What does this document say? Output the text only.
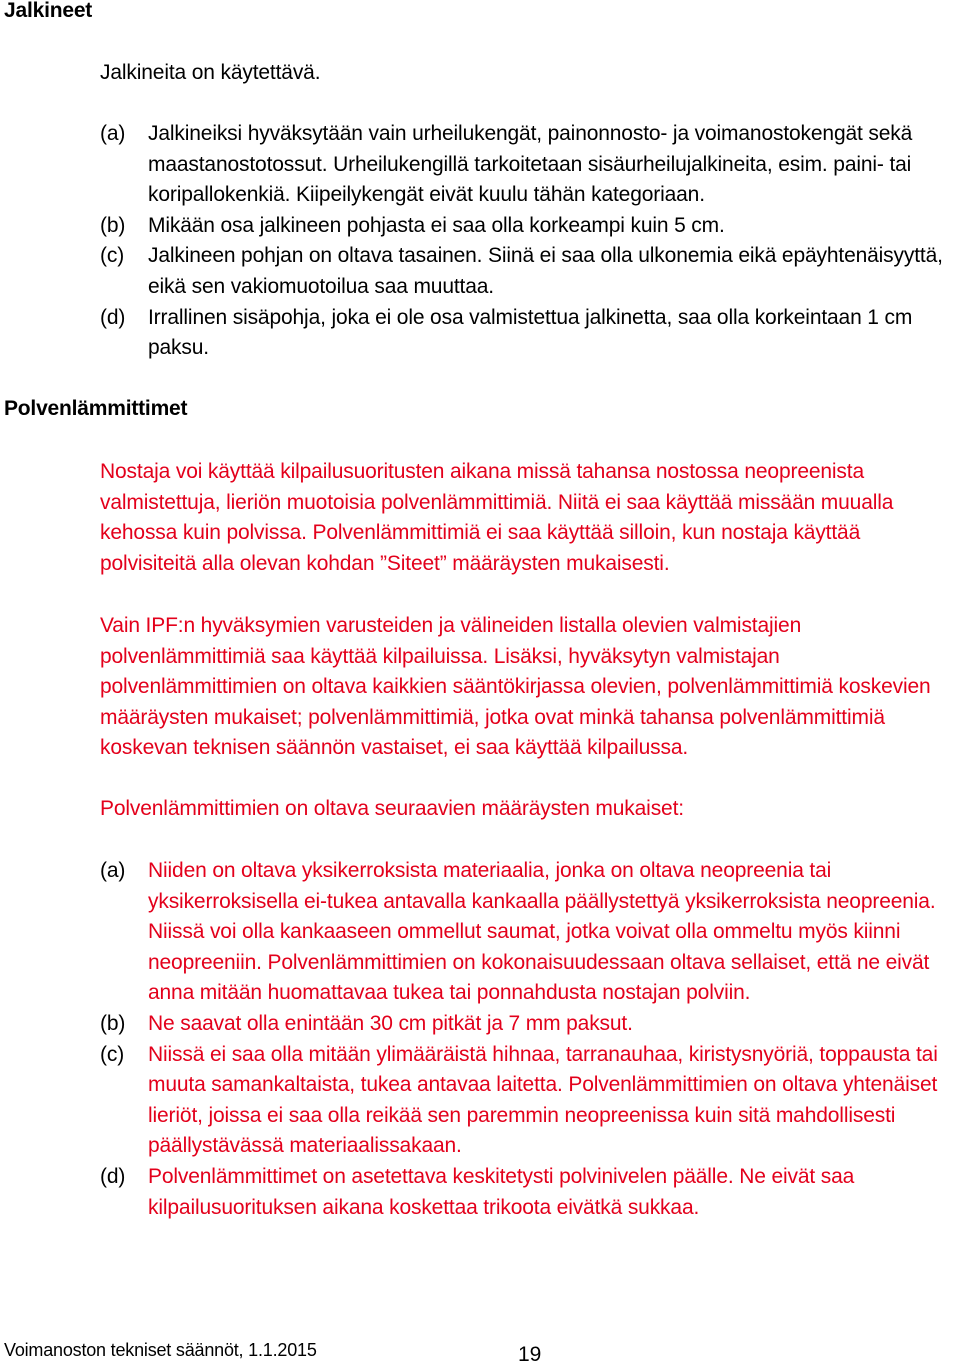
Jalkineet

Jalkineita on käytettävä.

(a)	Jalkineiksi hyväksytään vain urheilukengät, painonnosto- ja voimanostokengät sekä maastanostotossut. Urheilukengillä tarkoitetaan sisäurheilujalkineita, esim. paini- tai koripallokenkiä. Kiipeilykengät eivät kuulu tähän kategoriaan.
(b)	Mikään osa jalkineen pohjasta ei saa olla korkeampi kuin 5 cm.
(c)	Jalkineen pohjan on oltava tasainen. Siinä ei saa olla ulkonemia eikä epäyhtenäisyyttä, eikä sen vakiomuotoilua saa muuttaa.
(d)	Irrallinen sisäpohja, joka ei ole osa valmistettua jalkinetta, saa olla korkeintaan 1 cm paksu.
Polvenlämmittimet

Nostaja voi käyttää kilpailusuoritusten aikana missä tahansa nostossa neopreenista valmistettuja, lieriön muotoisia polvenlämmittimiä. Niitä ei saa käyttää missään muualla kehossa kuin polvissa. Polvenlämmittimiä ei saa käyttää silloin, kun nostaja käyttää polvisiteitä alla olevan kohdan ”Siteet” määräysten mukaisesti.

Vain IPF:n hyväksymien varusteiden ja välineiden listalla olevien valmistajien polvenlämmittimiä saa käyttää kilpailuissa. Lisäksi, hyväksytyn valmistajan polvenlämmittimien on oltava kaikkien sääntökirjassa olevien, polvenlämmittimiä koskevien määräysten mukaiset; polvenlämmittimiä, jotka ovat minkä tahansa polvenlämmittimiä koskevan teknisen säännön vastaiset, ei saa käyttää kilpailussa.

Polvenlämmittimien on oltava seuraavien määräysten mukaiset:

(a)	Niiden on oltava yksikerroksista materiaalia, jonka on oltava neopreenia tai yksikerroksisella ei-tukea antavalla kankaalla päällystettyä yksikerroksista neopreenia. Niissä voi olla kankaaseen ommellut saumat, jotka voivat olla ommeltu myös kiinni neopreeniin. Polvenlämmittimien on kokonaisuudessaan oltava sellaiset, että ne eivät anna mitään huomattavaa tukea tai ponnahdusta nostajan polviin.
(b)	Ne saavat olla enintään 30 cm pitkät ja 7 mm paksut.
(c)	Niissä ei saa olla mitään ylimääräistä hihnaa, tarranauhaa, kiristysnyöriä, toppausta tai muuta samankaltaista, tukea antavaa laitetta. Polvenlämmittimien on oltava yhtenäiset lieriöt, joissa ei saa olla reikää sen paremmin neopreenissa kuin sitä mahdollisesti päällystävässä materiaalissakaan.
(d)	Polvenlämmittimet on asetettava keskitetysti polvinivelen päälle. Ne eivät saa kilpailusuorituksen aikana koskettaa trikoota eivätkä sukkaa.
Voimanoston tekniset säännöt, 1.1.2015	19
